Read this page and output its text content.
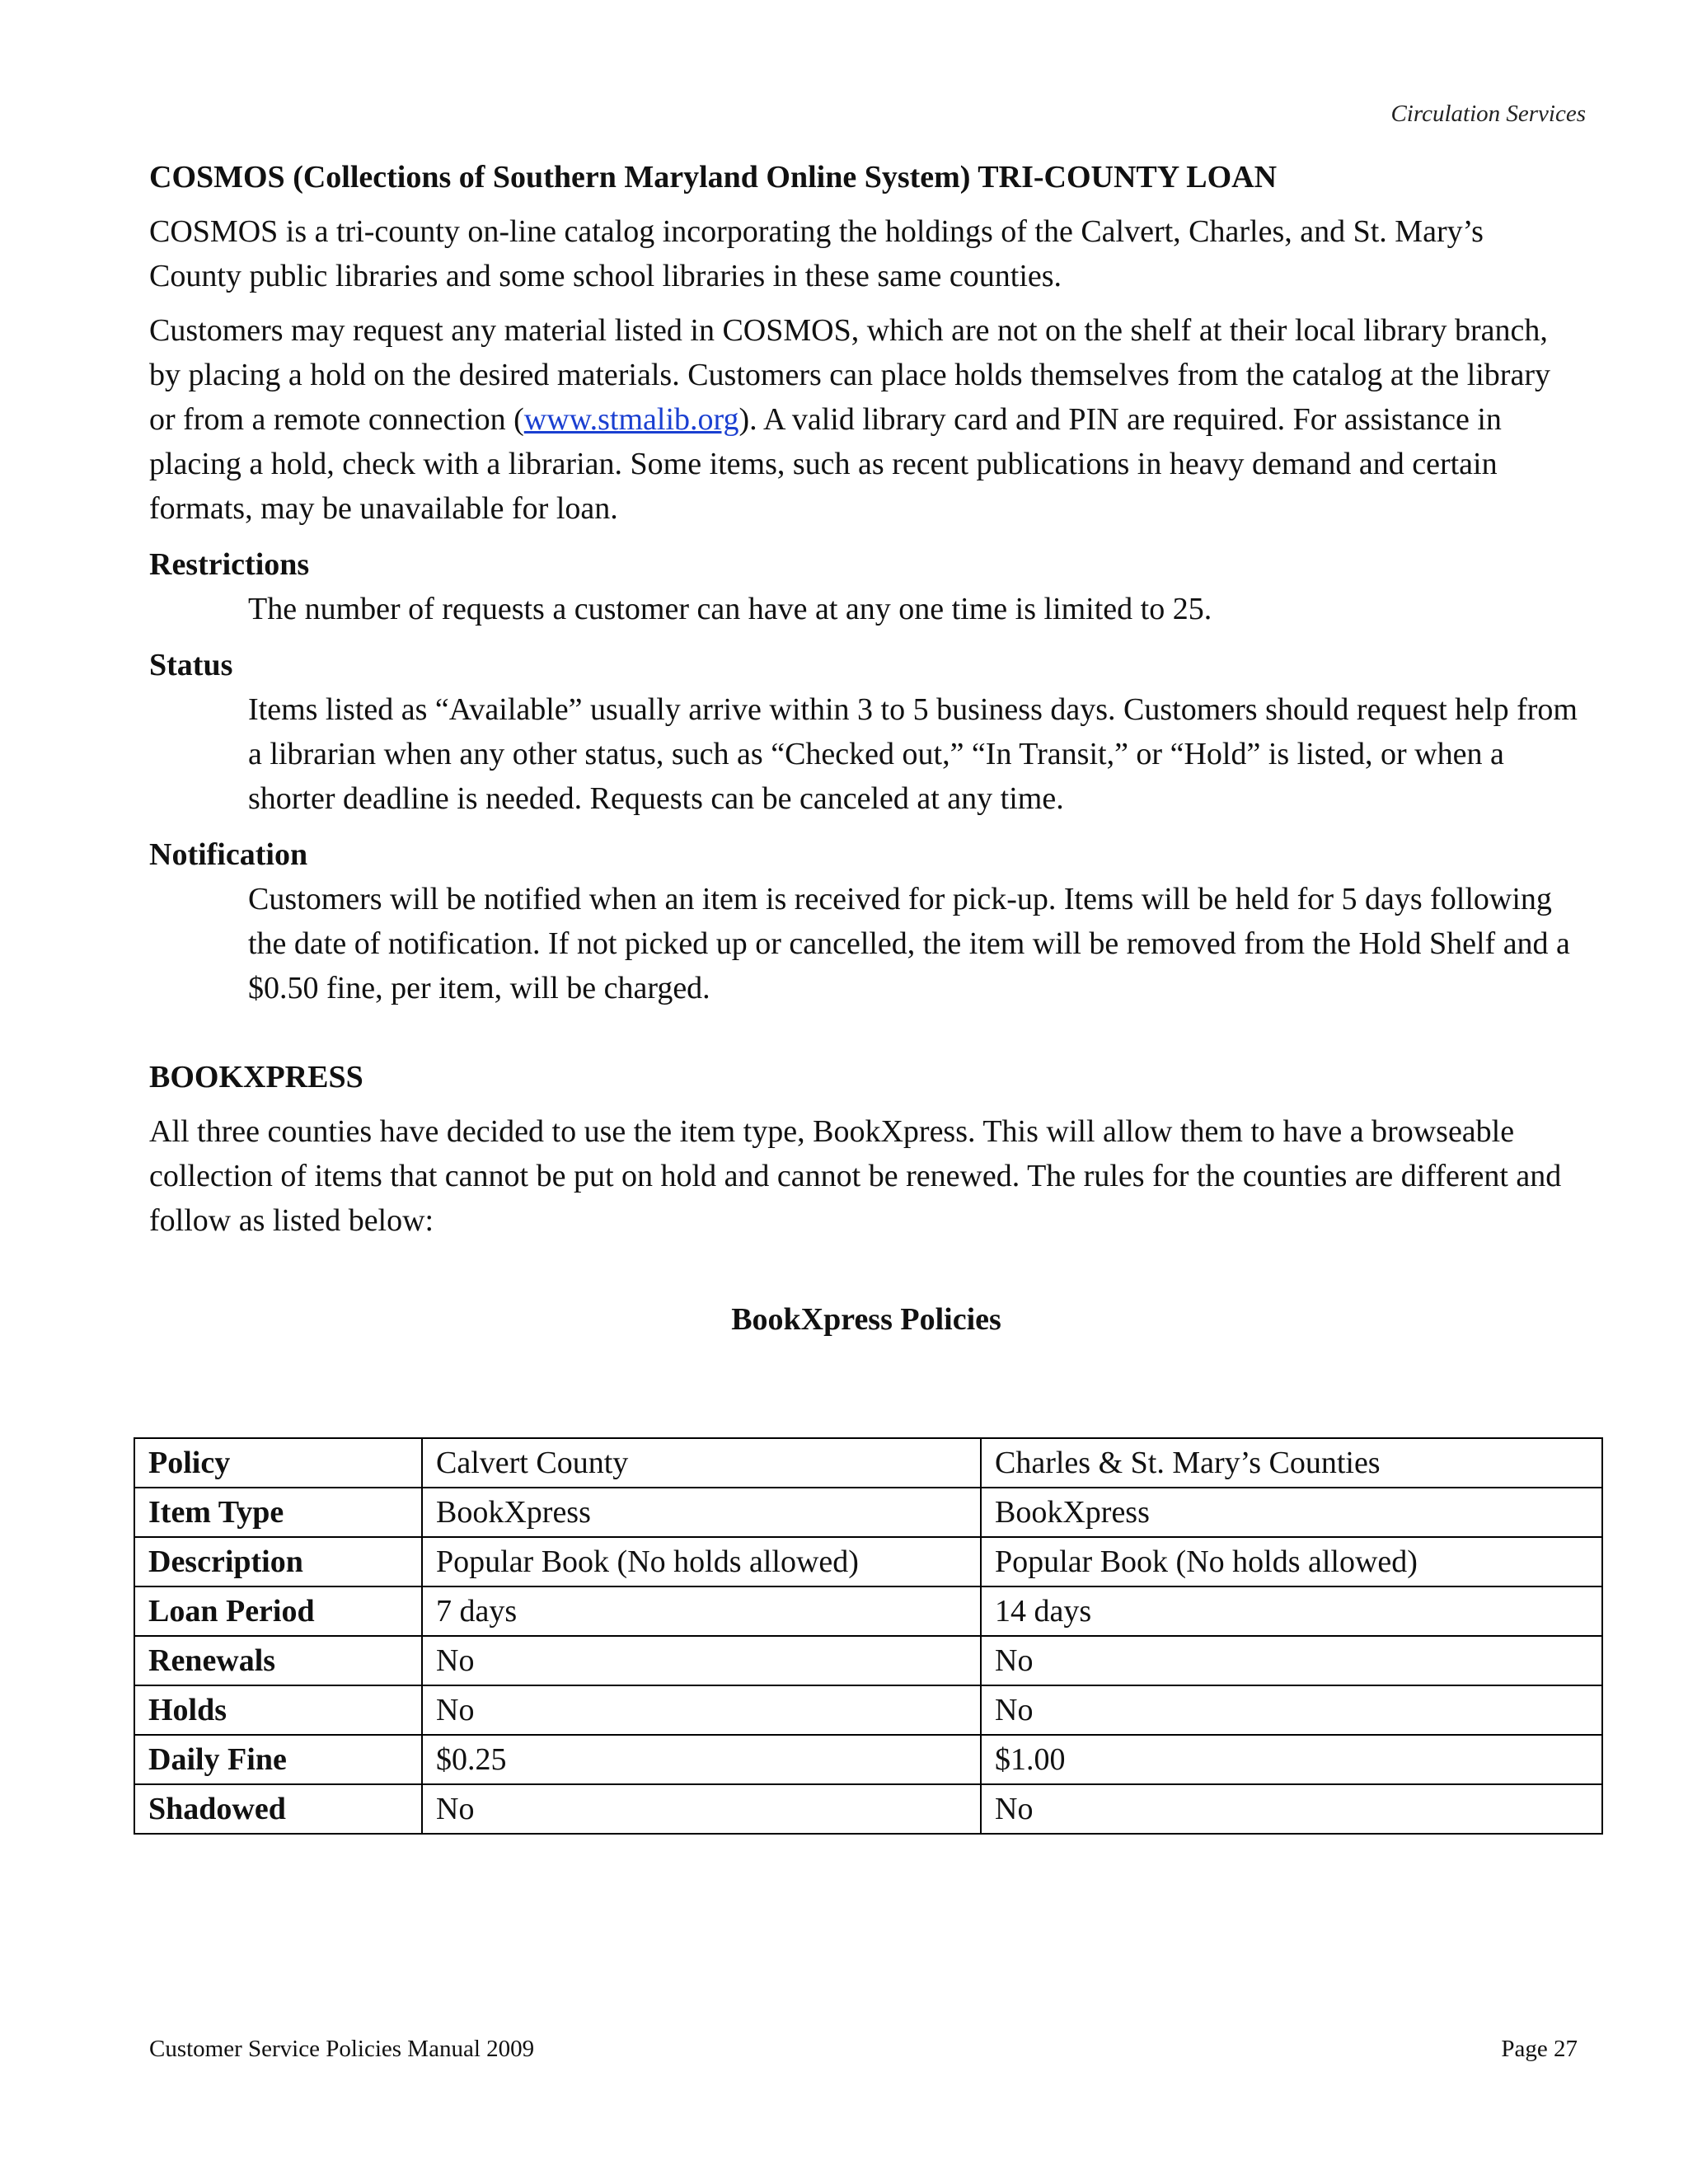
Circulation Services

COSMOS (Collections of Southern Maryland Online System) TRI-COUNTY LOAN

COSMOS is a tri-county on-line catalog incorporating the holdings of the Calvert, Charles, and St. Mary’s County public libraries and some school libraries in these same counties.

Customers may request any material listed in COSMOS, which are not on the shelf at their local library branch, by placing a hold on the desired materials. Customers can place holds themselves from the catalog at the library or from a remote connection (www.stmalib.org). A valid library card and PIN are required. For assistance in placing a hold, check with a librarian. Some items, such as recent publications in heavy demand and certain formats, may be unavailable for loan.

Restrictions

The number of requests a customer can have at any one time is limited to 25.

Status

Items listed as “Available” usually arrive within 3 to 5 business days. Customers should request help from a librarian when any other status, such as “Checked out,” “In Transit,” or “Hold” is listed, or when a shorter deadline is needed. Requests can be canceled at any time.

Notification

Customers will be notified when an item is received for pick-up. Items will be held for 5 days following the date of notification. If not picked up or cancelled, the item will be removed from the Hold Shelf and a $0.50 fine, per item, will be charged.

BOOKXPRESS

All three counties have decided to use the item type, BookXpress. This will allow them to have a browseable collection of items that cannot be put on hold and cannot be renewed. The rules for the counties are different and follow as listed below:

BookXpress Policies

Policy	Calvert County	Charles & St. Mary’s Counties
Item Type	BookXpress	BookXpress
Description	Popular Book (No holds allowed)	Popular Book (No holds allowed)
Loan Period	7 days	14 days
Renewals	No	No
Holds	No	No
Daily Fine	$0.25	$1.00
Shadowed	No	No
Customer Service Policies Manual 2009	Page 27
